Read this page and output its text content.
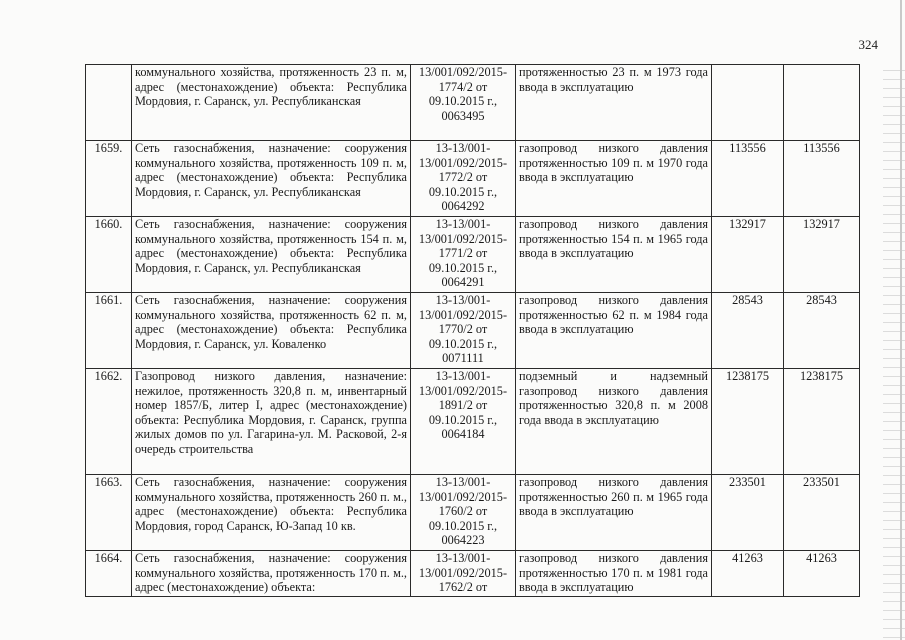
324
	коммунального хозяйства, протяженность 23 п. м, адрес (местонахождение) объекта: Республика Мордовия, г. Саранск, ул. Республиканская	13/001/092/2015-1774/2 от 09.10.2015 г., 0063495	протяженностью 23 п. м 1973 года ввода в эксплуатацию		
1659.	Сеть газоснабжения, назначение: сооружения коммунального хозяйства, протяженность 109 п. м, адрес (местонахождение) объекта: Республика Мордовия, г. Саранск, ул. Республиканская	13-13/001-13/001/092/2015-1772/2 от 09.10.2015 г., 0064292	газопровод низкого давления протяженностью 109 п. м 1970 года ввода в эксплуатацию	113556	113556
1660.	Сеть газоснабжения, назначение: сооружения коммунального хозяйства, протяженность 154 п. м, адрес (местонахождение) объекта: Республика Мордовия, г. Саранск, ул. Республиканская	13-13/001-13/001/092/2015-1771/2 от 09.10.2015 г., 0064291	газопровод низкого давления протяженностью 154 п. м 1965 года ввода в эксплуатацию	132917	132917
1661.	Сеть газоснабжения, назначение: сооружения коммунального хозяйства, протяженность 62 п. м, адрес (местонахождение) объекта: Республика Мордовия, г. Саранск, ул. Коваленко	13-13/001-13/001/092/2015-1770/2 от 09.10.2015 г., 0071111	газопровод низкого давления протяженностью 62 п. м 1984 года ввода в эксплуатацию	28543	28543
1662.	Газопровод низкого давления, назначение: нежилое, протяженность 320,8 п. м, инвентарный номер 1857/Б, литер I, адрес (местонахождение) объекта: Республика Мордовия, г. Саранск, группа жилых домов по ул. Гагарина-ул. М. Расковой, 2-я очередь строительства	13-13/001-13/001/092/2015-1891/2 от 09.10.2015 г., 0064184	подземный и надземный газопровод низкого давления протяженностью 320,8 п. м 2008 года ввода в эксплуатацию	1238175	1238175
1663.	Сеть газоснабжения, назначение: сооружения коммунального хозяйства, протяженность 260 п. м., адрес (местонахождение) объекта: Республика Мордовия, город Саранск, Ю-Запад 10 кв.	13-13/001-13/001/092/2015-1760/2 от 09.10.2015 г., 0064223	газопровод низкого давления протяженностью 260 п. м 1965 года ввода в эксплуатацию	233501	233501
1664.	Сеть газоснабжения, назначение: сооружения коммунального хозяйства, протяженность 170 п. м., адрес (местонахождение) объекта:	13-13/001-13/001/092/2015-1762/2 от	газопровод низкого давления протяженностью 170 п. м 1981 года ввода в эксплуатацию	41263	41263
